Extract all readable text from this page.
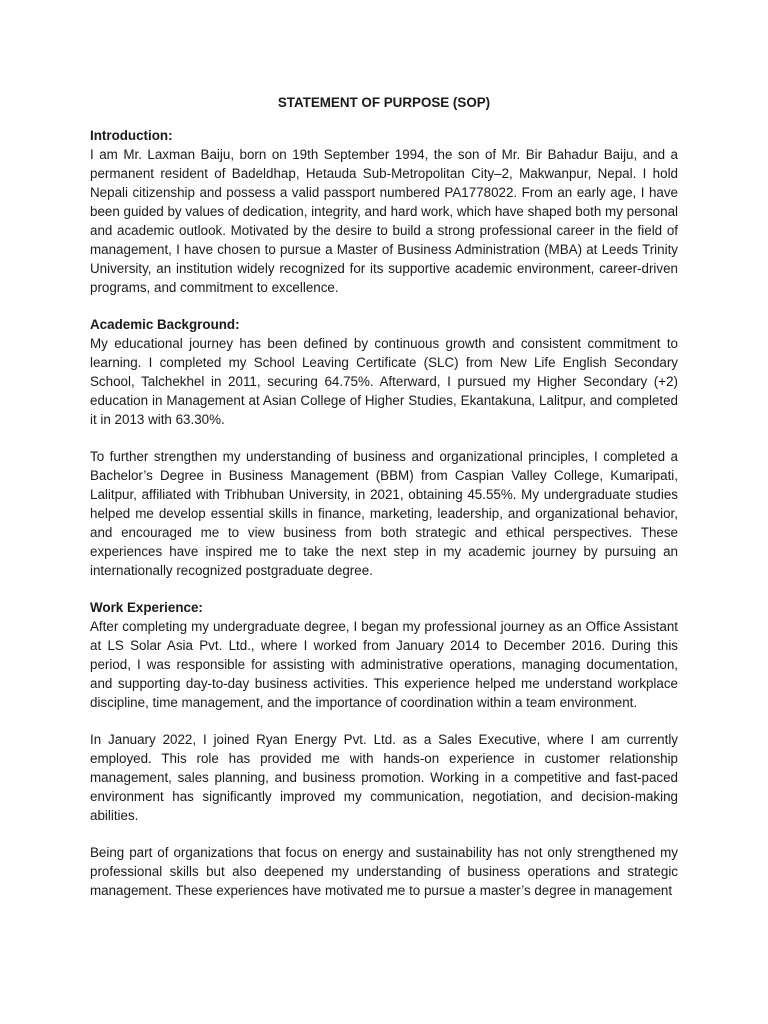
STATEMENT OF PURPOSE (SOP)

Introduction:

I am Mr. Laxman Baiju, born on 19th September 1994, the son of Mr. Bir Bahadur Baiju, and a permanent resident of Badeldhap, Hetauda Sub-Metropolitan City–2, Makwanpur, Nepal. I hold Nepali citizenship and possess a valid passport numbered PA1778022. From an early age, I have been guided by values of dedication, integrity, and hard work, which have shaped both my personal and academic outlook. Motivated by the desire to build a strong professional career in the field of management, I have chosen to pursue a Master of Business Administration (MBA) at Leeds Trinity University, an institution widely recognized for its supportive academic environment, career-driven programs, and commitment to excellence.

Academic Background:

My educational journey has been defined by continuous growth and consistent commitment to learning. I completed my School Leaving Certificate (SLC) from New Life English Secondary School, Talchekhel in 2011, securing 64.75%. Afterward, I pursued my Higher Secondary (+2) education in Management at Asian College of Higher Studies, Ekantakuna, Lalitpur, and completed it in 2013 with 63.30%.

To further strengthen my understanding of business and organizational principles, I completed a Bachelor’s Degree in Business Management (BBM) from Caspian Valley College, Kumaripati, Lalitpur, affiliated with Tribhuban University, in 2021, obtaining 45.55%. My undergraduate studies helped me develop essential skills in finance, marketing, leadership, and organizational behavior, and encouraged me to view business from both strategic and ethical perspectives. These experiences have inspired me to take the next step in my academic journey by pursuing an internationally recognized postgraduate degree.

Work Experience:

After completing my undergraduate degree, I began my professional journey as an Office Assistant at LS Solar Asia Pvt. Ltd., where I worked from January 2014 to December 2016. During this period, I was responsible for assisting with administrative operations, managing documentation, and supporting day-to-day business activities. This experience helped me understand workplace discipline, time management, and the importance of coordination within a team environment.

In January 2022, I joined Ryan Energy Pvt. Ltd. as a Sales Executive, where I am currently employed. This role has provided me with hands-on experience in customer relationship management, sales planning, and business promotion. Working in a competitive and fast-paced environment has significantly improved my communication, negotiation, and decision-making abilities.

Being part of organizations that focus on energy and sustainability has not only strengthened my professional skills but also deepened my understanding of business operations and strategic management. These experiences have motivated me to pursue a master’s degree in management
